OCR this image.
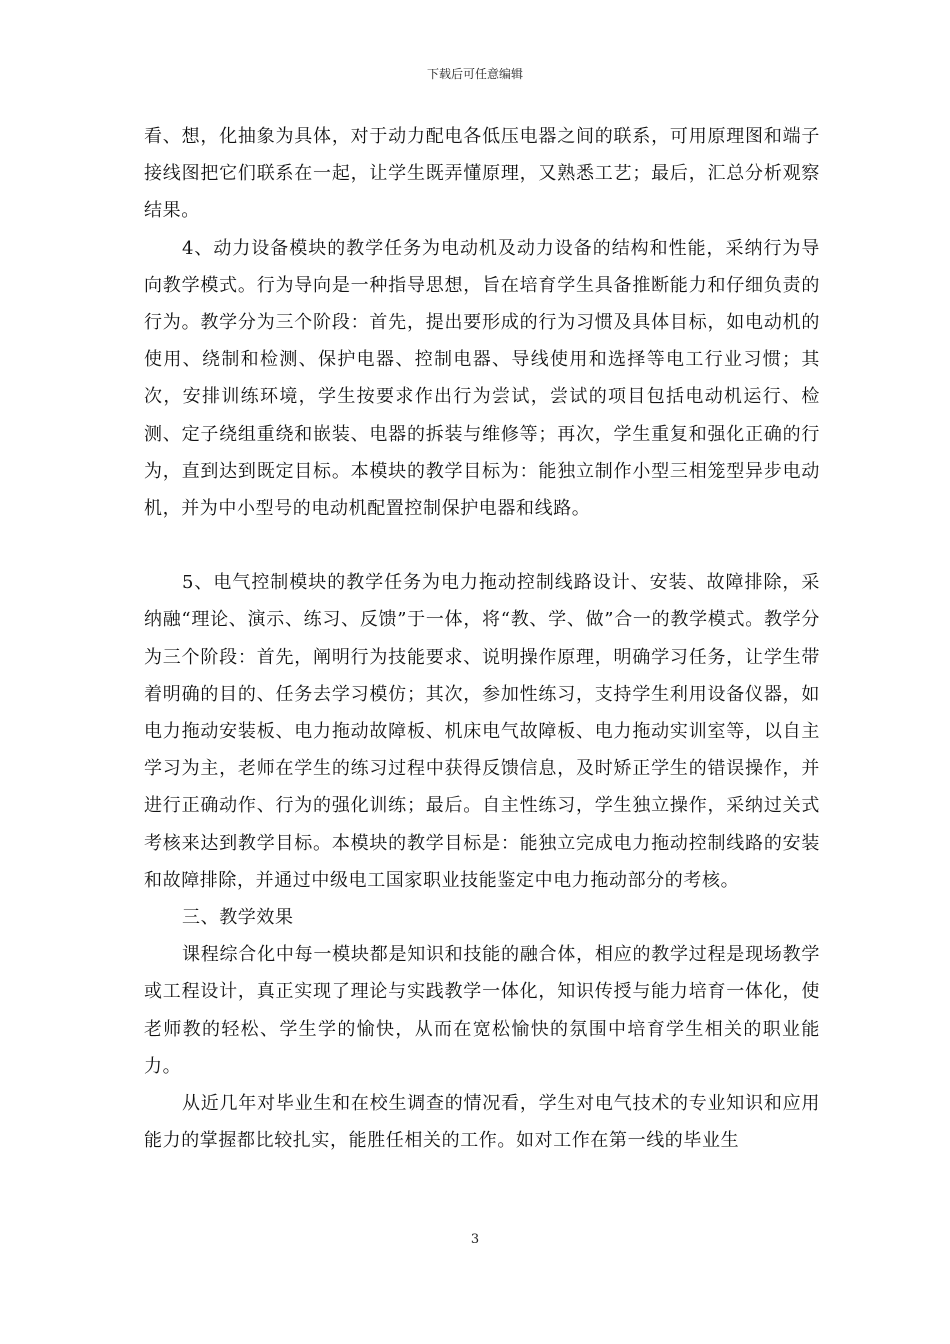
下载后可任意编辑

看、想，化抽象为具体，对于动力配电各低压电器之间的联系，可用原理图和端子接线图把它们联系在一起，让学生既弄懂原理，又熟悉工艺；最后，汇总分析观察结果。

4、动力设备模块的教学任务为电动机及动力设备的结构和性能，采纳行为导向教学模式。行为导向是一种指导思想，旨在培育学生具备推断能力和仔细负责的行为。教学分为三个阶段：首先，提出要形成的行为习惯及具体目标，如电动机的使用、绕制和检测、保护电器、控制电器、导线使用和选择等电工行业习惯；其次，安排训练环境，学生按要求作出行为尝试，尝试的项目包括电动机运行、检测、定子绕组重绕和嵌装、电器的拆装与维修等；再次，学生重复和强化正确的行为，直到达到既定目标。本模块的教学目标为：能独立制作小型三相笼型异步电动机，并为中小型号的电动机配置控制保护电器和线路。

5、电气控制模块的教学任务为电力拖动控制线路设计、安装、故障排除，采纳融“理论、演示、练习、反馈”于一体，将“教、学、做”合一的教学模式。教学分为三个阶段：首先，阐明行为技能要求、说明操作原理，明确学习任务，让学生带着明确的目的、任务去学习模仿；其次，参加性练习，支持学生利用设备仪器，如电力拖动安装板、电力拖动故障板、机床电气故障板、电力拖动实训室等，以自主学习为主，老师在学生的练习过程中获得反馈信息，及时矫正学生的错误操作，并进行正确动作、行为的强化训练；最后。自主性练习，学生独立操作，采纳过关式考核来达到教学目标。本模块的教学目标是：能独立完成电力拖动控制线路的安装和故障排除，并通过中级电工国家职业技能鉴定中电力拖动部分的考核。

三、教学效果

课程综合化中每一模块都是知识和技能的融合体，相应的教学过程是现场教学或工程设计，真正实现了理论与实践教学一体化，知识传授与能力培育一体化，使老师教的轻松、学生学的愉快，从而在宽松愉快的氛围中培育学生相关的职业能力。

从近几年对毕业生和在校生调查的情况看，学生对电气技术的专业知识和应用能力的掌握都比较扎实，能胜任相关的工作。如对工作在第一线的毕业生

3
